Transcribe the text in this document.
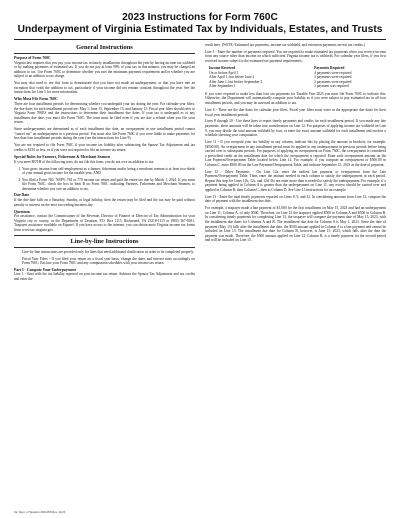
2023 Instructions for Form 760C
Underpayment of Virginia Estimated Tax by Individuals, Estates, and Trusts
General Instructions
Purpose of Form 760C

Virginia law requires that you pay your income tax in timely installments throughout the year by having income tax withheld or by making payments of estimated tax. If you do not pay at least 90% of your tax in this manner, you may be charged an addition to tax. Use Form 760C to determine whether you met the minimum payment requirement and/or whether you are subject to an addition to tax charge.

You may also need to use this form to demonstrate that you have not made an underpayment, or that you have met an exception that voids the addition to tax, particularly if your income did not remain constant throughout the year. See the instructions for Line 5 for more information.

Who Must File Form 760C

There are four installment periods for determining whether you underpaid your tax during the year. For calendar year filers, the due dates for each installment period are: May 1, June 15, September 15, and January 15. Fiscal year filers should refer to Virginia Form 760ES and the instructions to determine their installment due dates. If your tax is underpaid as of any installment due date, you must file Form 760C. The form must be filed even if you are due a refund when you file your return.

Since underpayments are determined as of each installment due date, an overpayment in one installment period cannot "cancel out" an underpayment in a previous period. You must also file Form 760C if you were liable to make payments for less than four installment periods during the year (see the instructions for Line 9).

You are not required to file Form 760C if your income tax liability after subtracting the Spouse Tax Adjustment and tax credits is $150 or less, or if you were not required to file an income tax return.

Special Rules for Farmers, Fishermen & Merchant Seamen

If you meet BOTH of the following tests, do not file this form; you do not owe an addition to tax.

1. Your gross income from self-employment as a farmer, fisherman and/or being a merchant seaman is at least two-thirds of your annual gross income for the taxable year, AND
2. You filed a Form 760, 760PY, 763 or 770 income tax return and paid the entire tax due by March 1, 2024. If you must file Form 760C, check the box in Item B on Form 760C indicating Farmers, Fishermen and Merchant Seamen, to determine whether you owe an addition to tax.
Due Date

If the due date falls on a Saturday, Sunday, or legal holiday, then the return may be filed and the tax may be paid without penalty or interest on the next succeeding business day.

Questions

For assistance, contact the Commissioner of the Revenue, Director of Finance or Director of Tax Administration for your Virginia city or county, or the Department of Taxation, P.O. Box 1115, Richmond, VA 23218-1115 or (804) 367-8031. Taxpayer assistance available on Equatel. If you have access to the internet, you can obtain most Virginia income tax forms from www.tax.virginia.gov.

Line-by-line Instructions
• Line-by-line instructions are provided only for lines that need additional clarification in order to be completed properly.
• Fiscal Year Filers - If you filed your return on a fiscal year basis, change the dates and interest rates accordingly on Form 760C. Enclose your Form 760C and any computation schedules with your income tax return.
Part I - Compute Your Underpayment

Line 1 - Start with the tax liability reported on your income tax return. Subtract the Spouse Tax Adjustment and tax credits and enter the

result here. (NOTE: Estimated tax payments, income tax withheld, and extension payments are not tax credits.)

Line 5 - Enter the number of payments required. You are required to make estimated tax payments when you receive income from any source other than income on which sufficient Virginia income tax is withheld. For calendar year filers, if you first received income subject to the estimated tax payment requirements:

Income Received	Payments Required
On or before April 1	4 payments were required
After April 1, but before June 2	3 payments were required
After June 1, but before September 2	2 payments were required
After September 1	1 payment was required

If you were required to make less than four tax payments for Taxable Year 2023 you must file Form 760C to indicate this. Otherwise, the Department will automatically compute your liability as if you were subject to pay estimated tax in all four installment periods, and you may be assessed an addition to tax.

Line 6 - These are the due dates for calendar year filers. Fiscal year filers must write in the appropriate due dates for their fiscal year installment periods.

Lines 8 through 10 - Use these lines to report timely payments and credits for each installment period. If you made any late payments, these amounts will be taken into consideration on Line 12. For purposes of applying income tax withheld on Line 9, you may divide the total amount withheld by four, or enter the exact amount withheld for each installment and enclose a schedule showing your computation.

Line 11 - If you overpaid your tax liability in any column, indicate this by placing the amount in brackets, for example, [$500.00]. An overpayment in any installment period must be applied to any underpayment in previous periods before being carried over to subsequent periods. For purposes of applying an overpayment on Form 760C, the overpayment is considered a prescribed credit on the installment date for which the overpayment is reported. Enter such overpayment amount on the Late Payment/Overpayment Table located below Line 14. For example, if you compute an overpayment of $500.00 in Column C, enter $500.00 on the Late Payment/Overpayment Table, and indicate September 15, 2023 as the date of payment.

Line 12 - Other Payments - On Line 12a, enter the earliest late payment or overpayment from the Late Payment/Overpayment Table. Then, enter the amount needed in each column to satisfy the underpayment in each period. Repeat this step for Lines 12b, 12c, and 12d. Do not enter more than is needed to satisfy the underpayment. For example, if a payment being applied in Column A is greater than the underpayment on Line 11, any excess should be carried over and applied in Column B, then Column C, then to Column D. See Line 13 instructions for an example.

Line 13 - Enter the total timely payments reported on Lines 8, 9, and 12. In considering amounts from Line 12, compare the date of payment with the installment due date.

For example, a taxpayer made a late payment of $1,000 for the first installment on May 15, 2023 and had an underpayment on Line 11, Column A, of only $500. Therefore, on Line 12 the taxpayer applied $500 in Column A and $500 in Column B. In considering timely payments for completing Line 13, the taxpayer will compare the payment date of May 15, 2023, with the installment due dates for Columns A and B. The installment due date for Column A is May 1, 2023. Since the date of payment (May 15) falls after the installment due date, the $500 amount applied in Column A is a late payment and cannot be included on Line 13. The installment due date for Column B, however, is June 15, 2023, which falls after the date the payment was made. Therefore, the $500 amount applied on Line 12, Column B, is a timely payment for the second period and will be included on Line 13.

Va. Dept. of Taxation 2601058 Rev. 11/23
